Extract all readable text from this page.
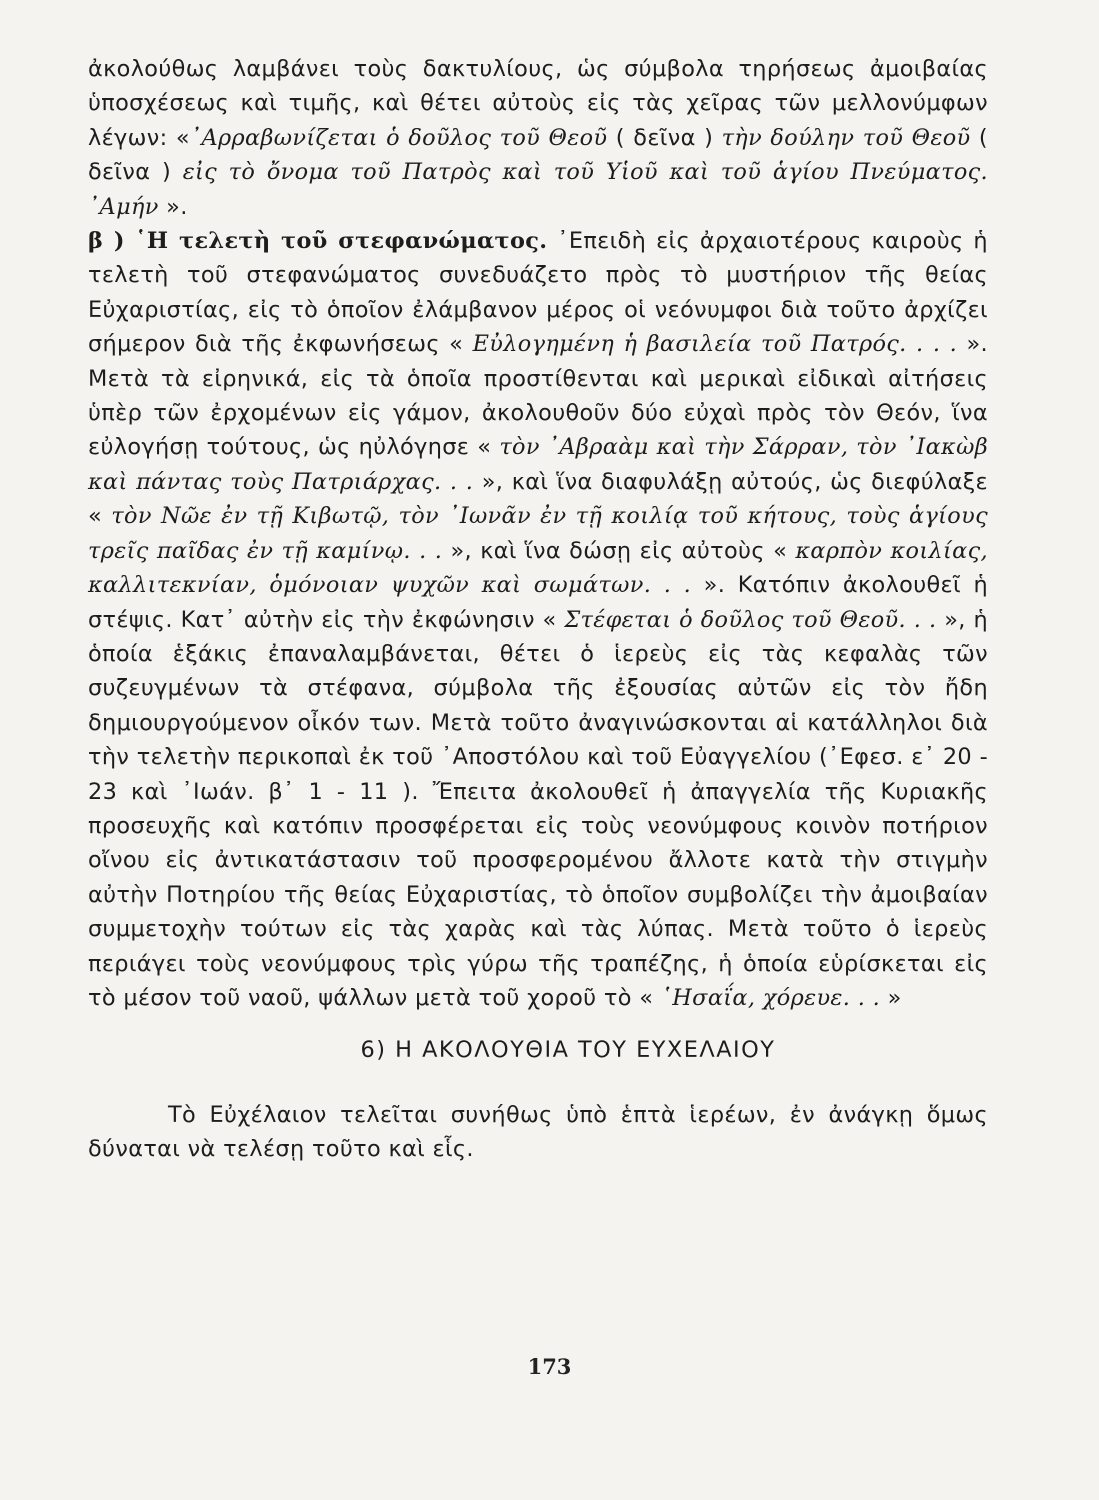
ἀκολούθως λαμβάνει τοὺς δακτυλίους, ὡς σύμβολα τηρήσεως ἀμοιβαίας ὑποσχέσεως καὶ τιμῆς, καὶ θέτει αὐτοὺς εἰς τὰς χεῖρας τῶν μελλονύμφων λέγων: «᾿Αρραβωνίζεται ὁ δοῦλος τοῦ Θεοῦ ( δεῖνα ) τὴν δούλην τοῦ Θεοῦ ( δεῖνα ) εἰς τὸ ὄνομα τοῦ Πατρὸς καὶ τοῦ Υἱοῦ καὶ τοῦ ἁγίου Πνεύματος. ᾿Αμήν ».

β ) ῾Η τελετὴ τοῦ στεφανώματος. ᾿Επειδὴ εἰς ἀρχαιοτέρους καιροὺς ἡ τελετὴ τοῦ στεφανώματος συνεδυάζετο πρὸς τὸ μυστήριον τῆς θείας Εὐχαριστίας, εἰς τὸ ὁποῖον ἐλάμβανον μέρος οἱ νεόνυμφοι διὰ τοῦτο ἀρχίζει σήμερον διὰ τῆς ἐκφωνήσεως « Εὐλογημένη ἡ βασιλεία τοῦ Πατρός. . . . ». Μετὰ τὰ εἰρηνικά, εἰς τὰ ὁποῖα προστίθενται καὶ μερικαὶ εἰδικαὶ αἰτήσεις ὑπὲρ τῶν ἐρχομένων εἰς γάμον, ἀκολουθοῦν δύο εὐχαὶ πρὸς τὸν Θεόν, ἵνα εὐλογήσῃ τούτους, ὡς ηὐλόγησε « τὸν ᾿Αβραὰμ καὶ τὴν Σάρραν, τὸν ᾿Ιακὼβ καὶ πάντας τοὺς Πατριάρχας. . . », καὶ ἵνα διαφυλάξῃ αὐτούς, ὡς διεφύλαξε « τὸν Νῶε ἐν τῇ Κιβωτῷ, τὸν ᾿Ιωνᾶν ἐν τῇ κοιλίᾳ τοῦ κήτους, τοὺς ἁγίους τρεῖς παῖδας ἐν τῇ καμίνῳ. . . », καὶ ἵνα δώσῃ εἰς αὐτοὺς « καρπὸν κοιλίας, καλλιτεκνίαν, ὁμόνοιαν ψυχῶν καὶ σωμάτων. . . ». Κατόπιν ἀκολουθεῖ ἡ στέψις. Κατ᾿ αὐτὴν εἰς τὴν ἐκφώνησιν « Στέφεται ὁ δοῦλος τοῦ Θεοῦ. . . », ἡ ὁποία ἑξάκις ἐπαναλαμβάνεται, θέτει ὁ ἱερεὺς εἰς τὰς κεφαλὰς τῶν συζευγμένων τὰ στέφανα, σύμβολα τῆς ἐξουσίας αὐτῶν εἰς τὸν ἤδη δημιουργούμενον οἶκόν των. Μετὰ τοῦτο ἀναγινώσκονται αἱ κατάλληλοι διὰ τὴν τελετὴν περικοπαὶ ἐκ τοῦ ᾿Αποστόλου καὶ τοῦ Εὐαγγελίου (᾿Εφεσ. ε᾿ 20 - 23 καὶ ᾿Ιωάν. β᾿ 1 - 11 ). Ἔπειτα ἀκολουθεῖ ἡ ἀπαγγελία τῆς Κυριακῆς προσευχῆς καὶ κατόπιν προσφέρεται εἰς τοὺς νεονύμφους κοινὸν ποτήριον οἴνου εἰς ἀντικατάστασιν τοῦ προσφερομένου ἄλλοτε κατὰ τὴν στιγμὴν αὐτὴν Ποτηρίου τῆς θείας Εὐχαριστίας, τὸ ὁποῖον συμβολίζει τὴν ἀμοιβαίαν συμμετοχὴν τούτων εἰς τὰς χαρὰς καὶ τὰς λύπας. Μετὰ τοῦτο ὁ ἱερεὺς περιάγει τοὺς νεονύμφους τρὶς γύρω τῆς τραπέζης, ἡ ὁποία εὑρίσκεται εἰς τὸ μέσον τοῦ ναοῦ, ψάλλων μετὰ τοῦ χοροῦ τὸ « ῾Ησαΐα, χόρευε. . . »

6) Η ΑΚΟΛΟΥΘΙΑ ΤΟΥ ΕΥΧΕΛΑΙΟΥ

Τὸ Εὐχέλαιον τελεῖται συνήθως ὑπὸ ἑπτὰ ἱερέων, ἐν ἀνάγκῃ ὅμως δύναται νὰ τελέσῃ τοῦτο καὶ εἷς.

173
